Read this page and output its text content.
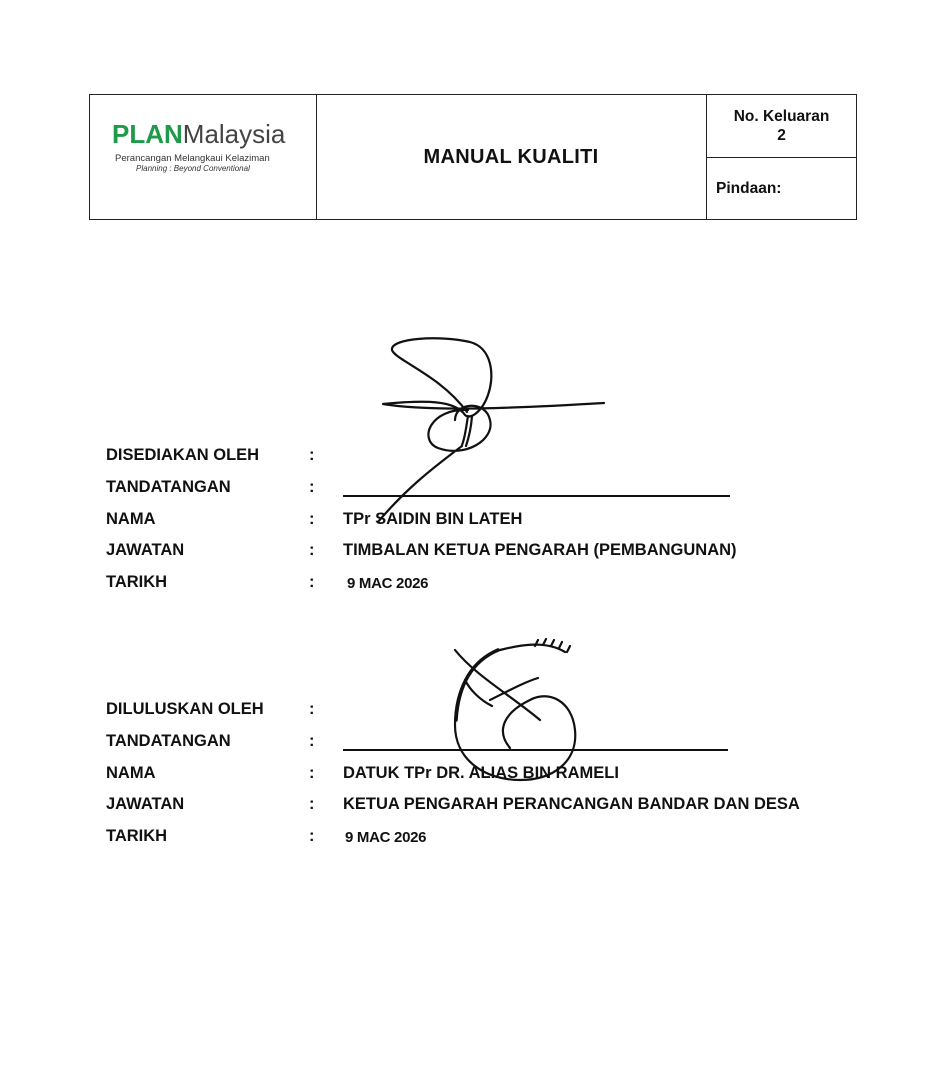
PLANMalaysia
Perancangan Melangkaui Kelaziman
Planning : Beyond Conventional
MANUAL KUALITI
No. Keluaran
2
Pindaan:
DISEDIAKAN OLEH	:
TANDATANGAN	:
NAMA	: TPr SAIDIN BIN LATEH
JAWATAN	: TIMBALAN KETUA PENGARAH (PEMBANGUNAN)
TARIKH	: 9 MAC 2026
DILULUSKAN OLEH	:
TANDATANGAN	:
NAMA	: DATUK TPr DR. ALIAS BIN RAMELI
JAWATAN	: KETUA PENGARAH PERANCANGAN BANDAR DAN DESA
TARIKH	: 9 MAC 2026
